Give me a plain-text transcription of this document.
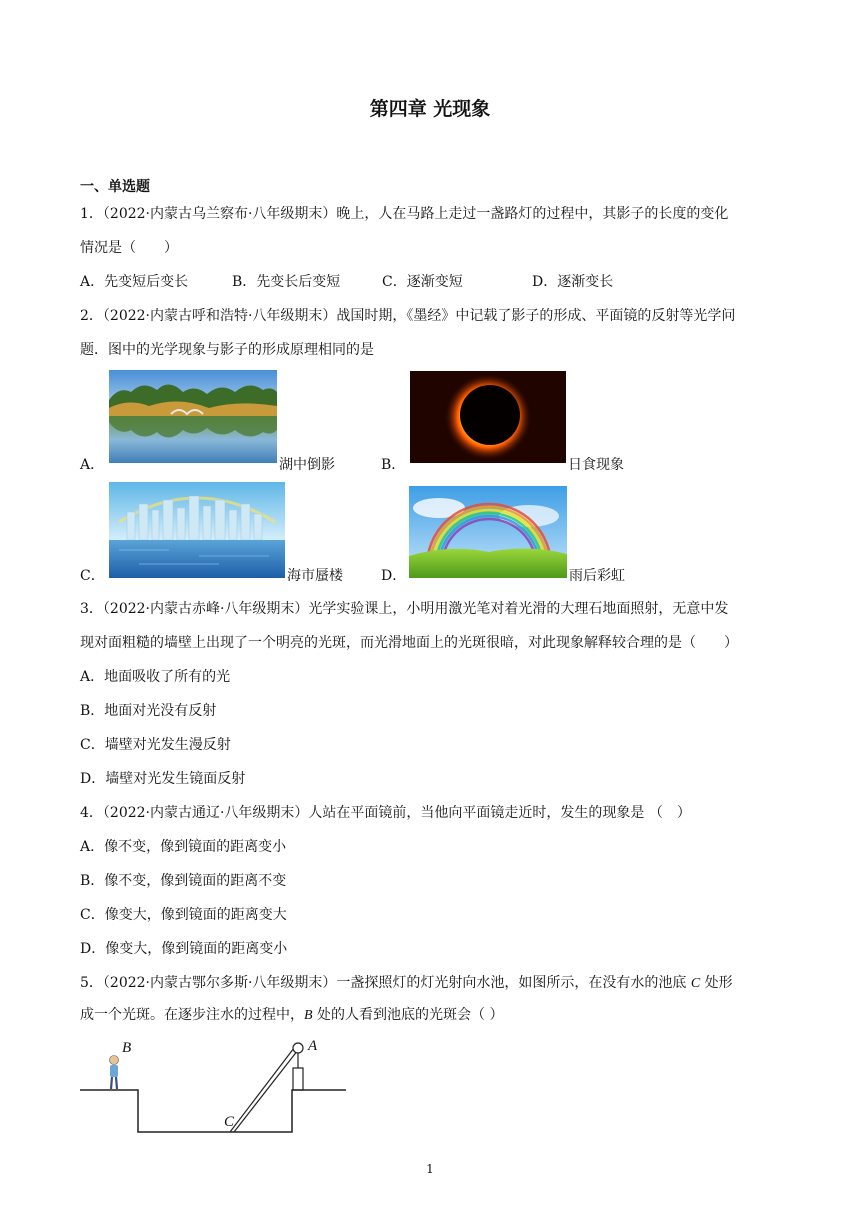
第四章 光现象
一、单选题
1．（2022·内蒙古乌兰察布·八年级期末）晚上，人在马路上走过一盏路灯的过程中，其影子的长度的变化
情况是（　　）
A．先变短后变长	B．先变长后变短	C．逐渐变短	D．逐渐变长
2．（2022·内蒙古呼和浩特·八年级期末）战国时期，《墨经》中记载了影子的形成、平面镜的反射等光学问
题．图中的光学现象与影子的形成原理相同的是
A．	湖中倒影	B．	日食现象
C．	海市蜃楼	D．	雨后彩虹
3．（2022·内蒙古赤峰·八年级期末）光学实验课上，小明用激光笔对着光滑的大理石地面照射，无意中发
现对面粗糙的墙壁上出现了一个明亮的光斑，而光滑地面上的光斑很暗，对此现象解释较合理的是（　　）
A．地面吸收了所有的光
B．地面对光没有反射
C．墙壁对光发生漫反射
D．墙壁对光发生镜面反射
4．（2022·内蒙古通辽·八年级期末）人站在平面镜前，当他向平面镜走近时，发生的现象是 （　）
A．像不变，像到镜面的距离变小
B．像不变，像到镜面的距离不变
C．像变大，像到镜面的距离变大
D．像变大，像到镜面的距离变小
5．（2022·内蒙古鄂尔多斯·八年级期末）一盏探照灯的灯光射向水池，如图所示，在没有水的池底 C 处形
成一个光斑。在逐步注水的过程中，B 处的人看到池底的光斑会（ ）
B	A
C
1
